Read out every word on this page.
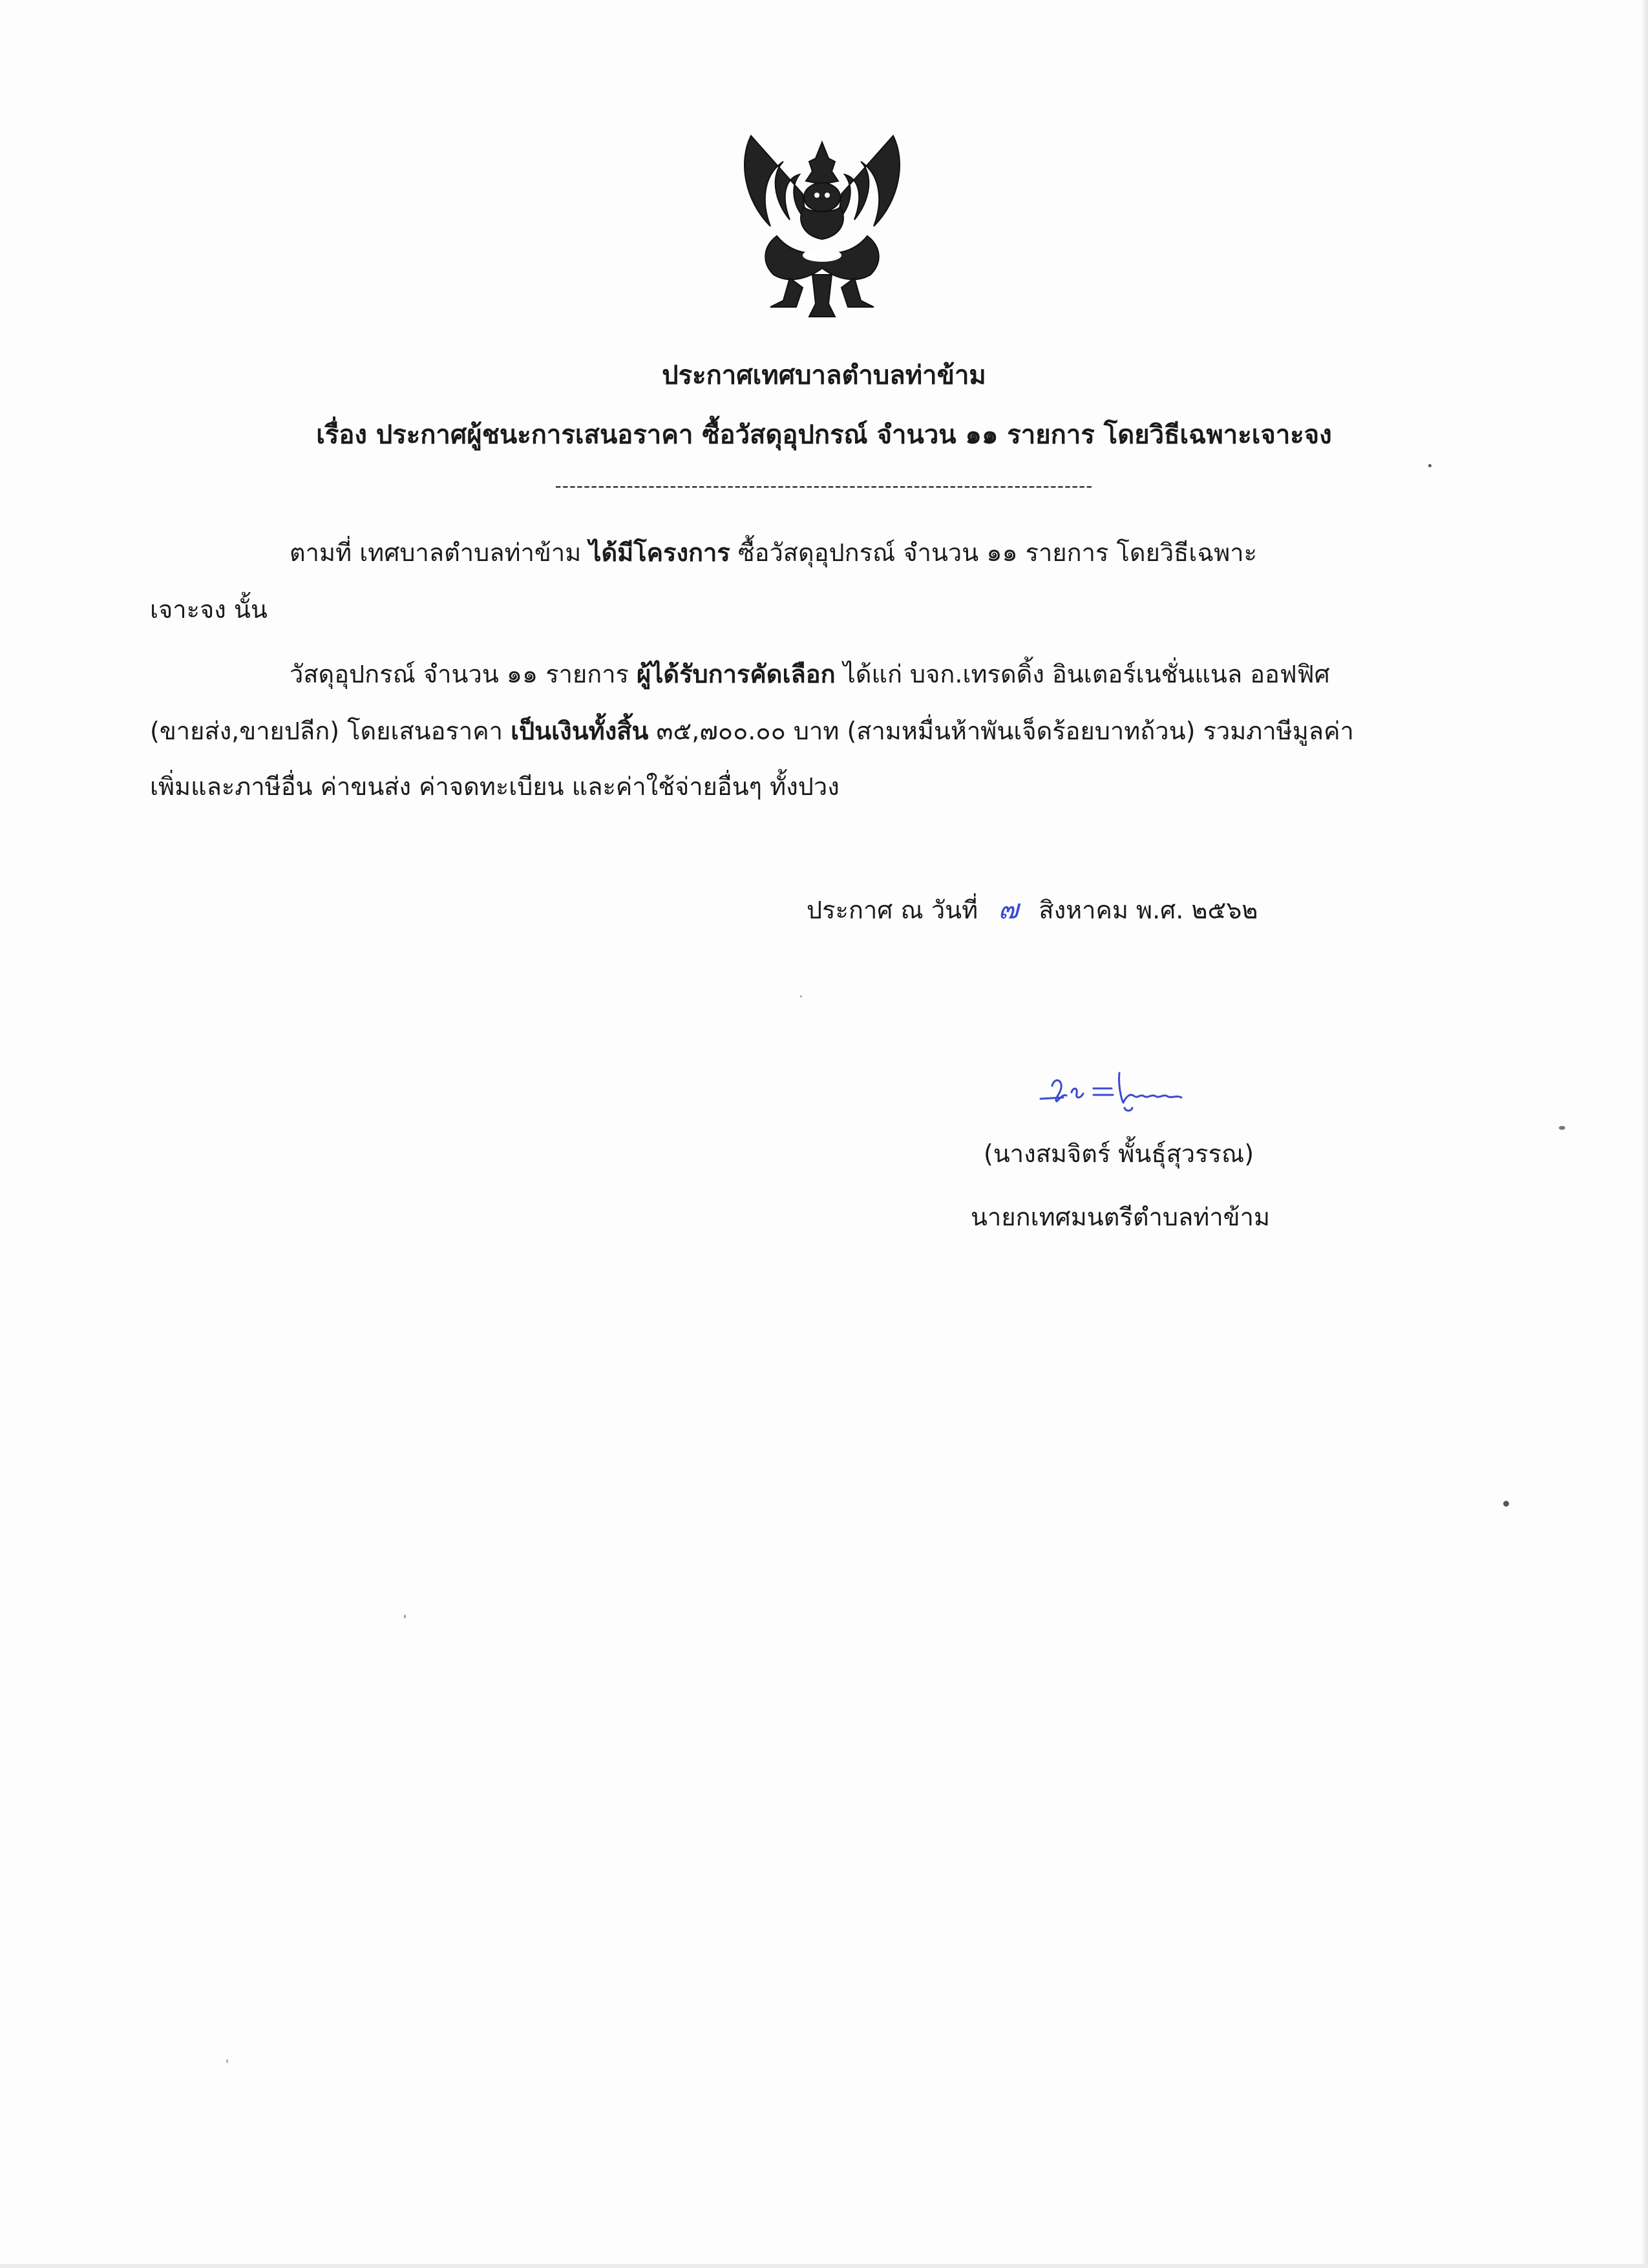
ประกาศเทศบาลตำบลท่าข้าม
เรื่อง ประกาศผู้ชนะการเสนอราคา ซื้อวัสดุอุปกรณ์ จำนวน ๑๑ รายการ โดยวิธีเฉพาะเจาะจง
---------------------------------------------------------------------------
ตามที่ เทศบาลตำบลท่าข้าม ได้มีโครงการ ซื้อวัสดุอุปกรณ์ จำนวน ๑๑ รายการ โดยวิธีเฉพาะ
เจาะจง นั้น
วัสดุอุปกรณ์ จำนวน ๑๑ รายการ ผู้ได้รับการคัดเลือก ได้แก่ บจก.เทรดดิ้ง อินเตอร์เนชั่นแนล ออฟฟิศ
(ขายส่ง,ขายปลีก) โดยเสนอราคา เป็นเงินทั้งสิ้น ๓๕,๗๐๐.๐๐ บาท (สามหมื่นห้าพันเจ็ดร้อยบาทถ้วน) รวมภาษีมูลค่า
เพิ่มและภาษีอื่น ค่าขนส่ง ค่าจดทะเบียน และค่าใช้จ่ายอื่นๆ ทั้งปวง
ประกาศ ณ วันที่ ๗ สิงหาคม พ.ศ. ๒๕๖๒
(นางสมจิตร์ พั้นธุ์สุวรรณ)
นายกเทศมนตรีตำบลท่าข้าม
